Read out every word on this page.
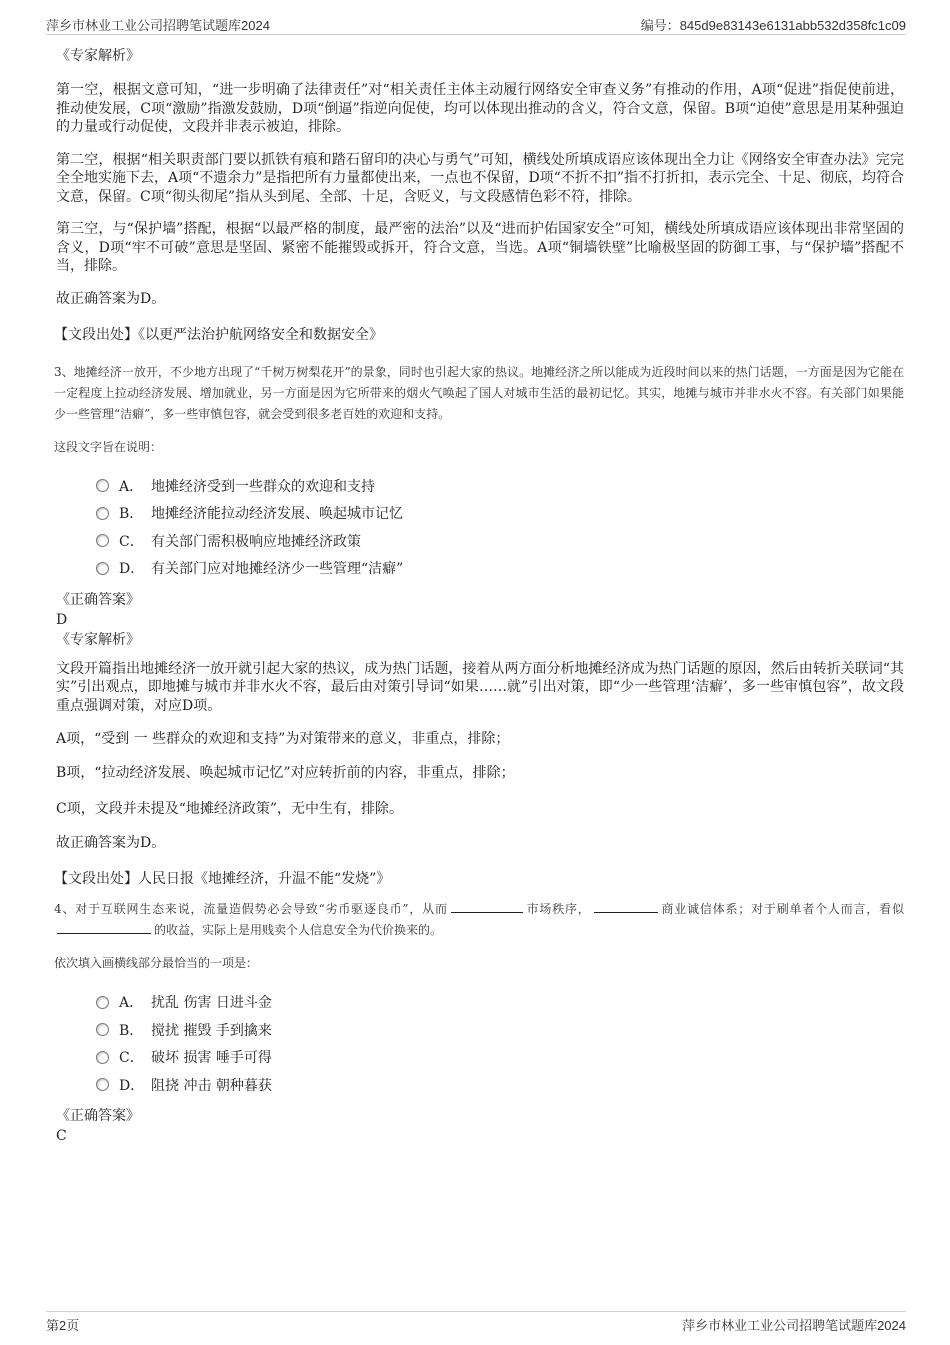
萍乡市林业工业公司招聘笔试题库2024	编号：845d9e83143e6131abb532d358fc1c09

《专家解析》

第一空，根据文意可知，“进一步明确了法律责任”对“相关责任主体主动履行网络安全审查义务”有推动的作用，A项“促进”指促使前进，推动使发展，C项“激励”指激发鼓励，D项“倒逼”指逆向促使，均可以体现出推动的含义，符合文意，保留。B项“迫使”意思是用某种强迫的力量或行动促使，文段并非表示被迫，排除。

第二空，根据“相关职责部门要以抓铁有痕和踏石留印的决心与勇气”可知，横线处所填成语应该体现出全力让《网络安全审查办法》完完全全地实施下去，A项“不遗余力”是指把所有力量都使出来，一点也不保留，D项“不折不扣”指不打折扣，表示完全、十足、彻底，均符合文意，保留。C项“彻头彻尾”指从头到尾、全部、十足，含贬义，与文段感情色彩不符，排除。

第三空，与“保护墙”搭配，根据“以最严格的制度，最严密的法治”以及“进而护佑国家安全”可知，横线处所填成语应该体现出非常坚固的含义，D项“牢不可破”意思是坚固、紧密不能摧毁或拆开，符合文意，当选。A项“铜墙铁壁”比喻极坚固的防御工事，与“保护墙”搭配不当，排除。

故正确答案为D。

【文段出处】《以更严法治护航网络安全和数据安全》

3、地摊经济一放开，不少地方出现了“千树万树梨花开”的景象，同时也引起大家的热议。地摊经济之所以能成为近段时间以来的热门话题，一方面是因为它能在一定程度上拉动经济发展、增加就业，另一方面是因为它所带来的烟火气唤起了国人对城市生活的最初记忆。其实，地摊与城市并非水火不容。有关部门如果能少一些管理“洁癖”，多一些审慎包容，就会受到很多老百姓的欢迎和支持。

这段文字旨在说明：

A． 地摊经济受到一些群众的欢迎和支持
B． 地摊经济能拉动经济发展、唤起城市记忆
C． 有关部门需积极响应地摊经济政策
D． 有关部门应对地摊经济少一些管理“洁癖”

《正确答案》

D

《专家解析》

文段开篇指出地摊经济一放开就引起大家的热议，成为热门话题，接着从两方面分析地摊经济成为热门话题的原因，然后由转折关联词“其实”引出观点，即地摊与城市并非水火不容，最后由对策引导词“如果……就”引出对策，即“少一些管理‘洁癖’，多一些审慎包容”，故文段重点强调对策，对应D项。

A项，“受到 一 些群众的欢迎和支持”为对策带来的意义，非重点，排除；

B项，“拉动经济发展、唤起城市记忆”对应转折前的内容，非重点，排除；

C项，文段并未提及“地摊经济政策”，无中生有，排除。

故正确答案为D。

【文段出处】人民日报《地摊经济，升温不能“发烧”》

4、对于互联网生态来说，流量造假势必会导致“劣币驱逐良币”，从而	市场秩序，	商业诚信体系；对于刷单者个人而言，看似的收益，实际上是用贱卖个人信息安全为代价换来的。

依次填入画横线部分最恰当的一项是：

A． 扰乱 伤害 日进斗金
B． 搅扰 摧毁 手到擒来
C． 破坏 损害 唾手可得
D． 阻挠 冲击 朝种暮获

《正确答案》

C

第2页	萍乡市林业工业公司招聘笔试题库2024
